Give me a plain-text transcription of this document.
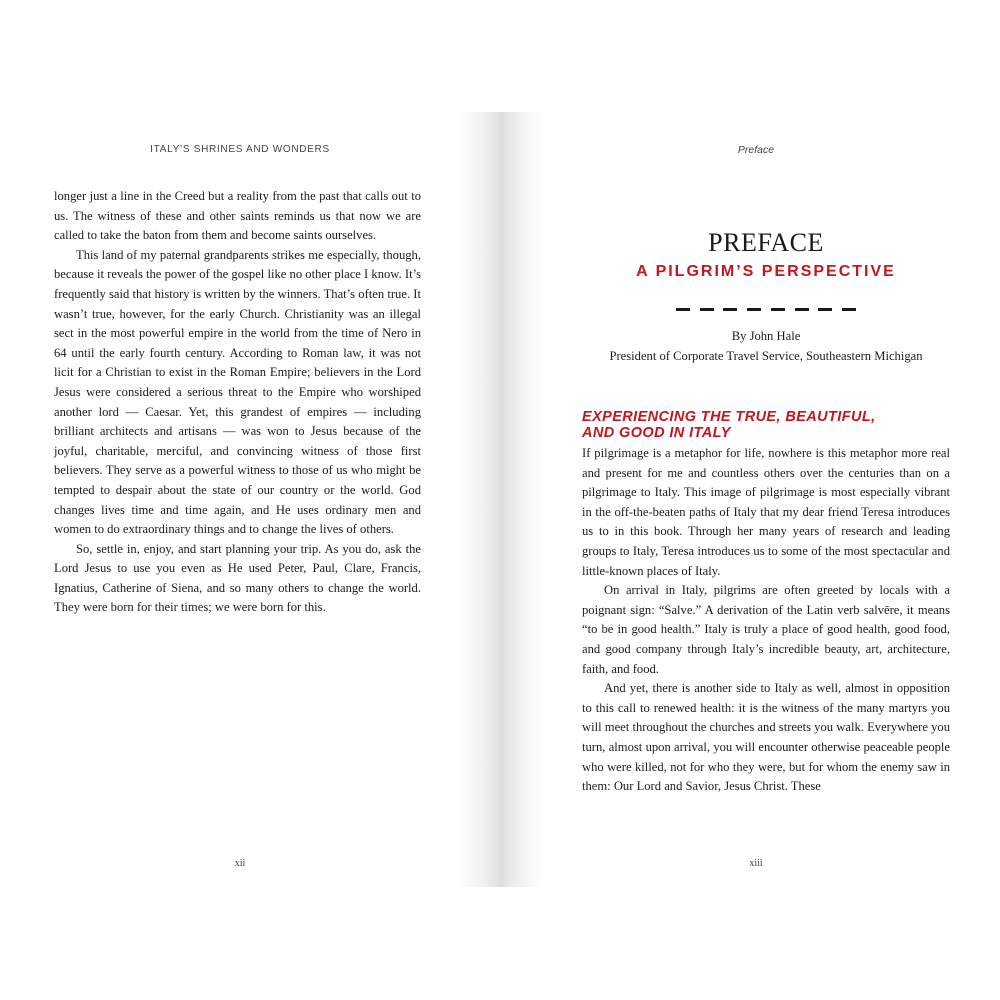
ITALY’S SHRINES AND WONDERS

longer just a line in the Creed but a reality from the past that calls out to us. The witness of these and other saints reminds us that now we are called to take the baton from them and become saints ourselves.

This land of my paternal grandparents strikes me especially, though, because it reveals the power of the gospel like no other place I know. It’s frequently said that history is written by the winners. That’s often true. It wasn’t true, however, for the early Church. Christianity was an illegal sect in the most powerful empire in the world from the time of Nero in 64 until the early fourth century. According to Roman law, it was not licit for a Christian to exist in the Roman Empire; believers in the Lord Jesus were considered a serious threat to the Empire who worshiped another lord — Caesar. Yet, this grandest of empires — including brilliant architects and artisans — was won to Jesus because of the joyful, charitable, merciful, and convincing witness of those first believers. They serve as a powerful witness to those of us who might be tempted to despair about the state of our country or the world. God changes lives time and time again, and He uses ordinary men and women to do extraordinary things and to change the lives of others.

So, settle in, enjoy, and start planning your trip. As you do, ask the Lord Jesus to use you even as He used Peter, Paul, Clare, Francis, Ignatius, Catherine of Siena, and so many others to change the world. They were born for their times; we were born for this.

xii
Preface
PREFACE
A PILGRIM’S PERSPECTIVE
By John Hale
President of Corporate Travel Service, Southeastern Michigan
EXPERIENCING THE TRUE, BEAUTIFUL,
AND GOOD IN ITALY

If pilgrimage is a metaphor for life, nowhere is this metaphor more real and present for me and countless others over the centuries than on a pilgrimage to Italy. This image of pilgrimage is most especially vibrant in the off-the-beaten paths of Italy that my dear friend Teresa introduces us to in this book. Through her many years of research and leading groups to Italy, Teresa introduces us to some of the most spectacular and little-known places of Italy.

On arrival in Italy, pilgrims are often greeted by locals with a poignant sign: “Salve.” A derivation of the Latin verb salvēre, it means “to be in good health.” Italy is truly a place of good health, good food, and good company through Italy’s incredible beauty, art, architecture, faith, and food.

And yet, there is another side to Italy as well, almost in opposition to this call to renewed health: it is the witness of the many martyrs you will meet throughout the churches and streets you walk. Everywhere you turn, almost upon arrival, you will encounter otherwise peaceable people who were killed, not for who they were, but for whom the enemy saw in them: Our Lord and Savior, Jesus Christ. These

xiii
